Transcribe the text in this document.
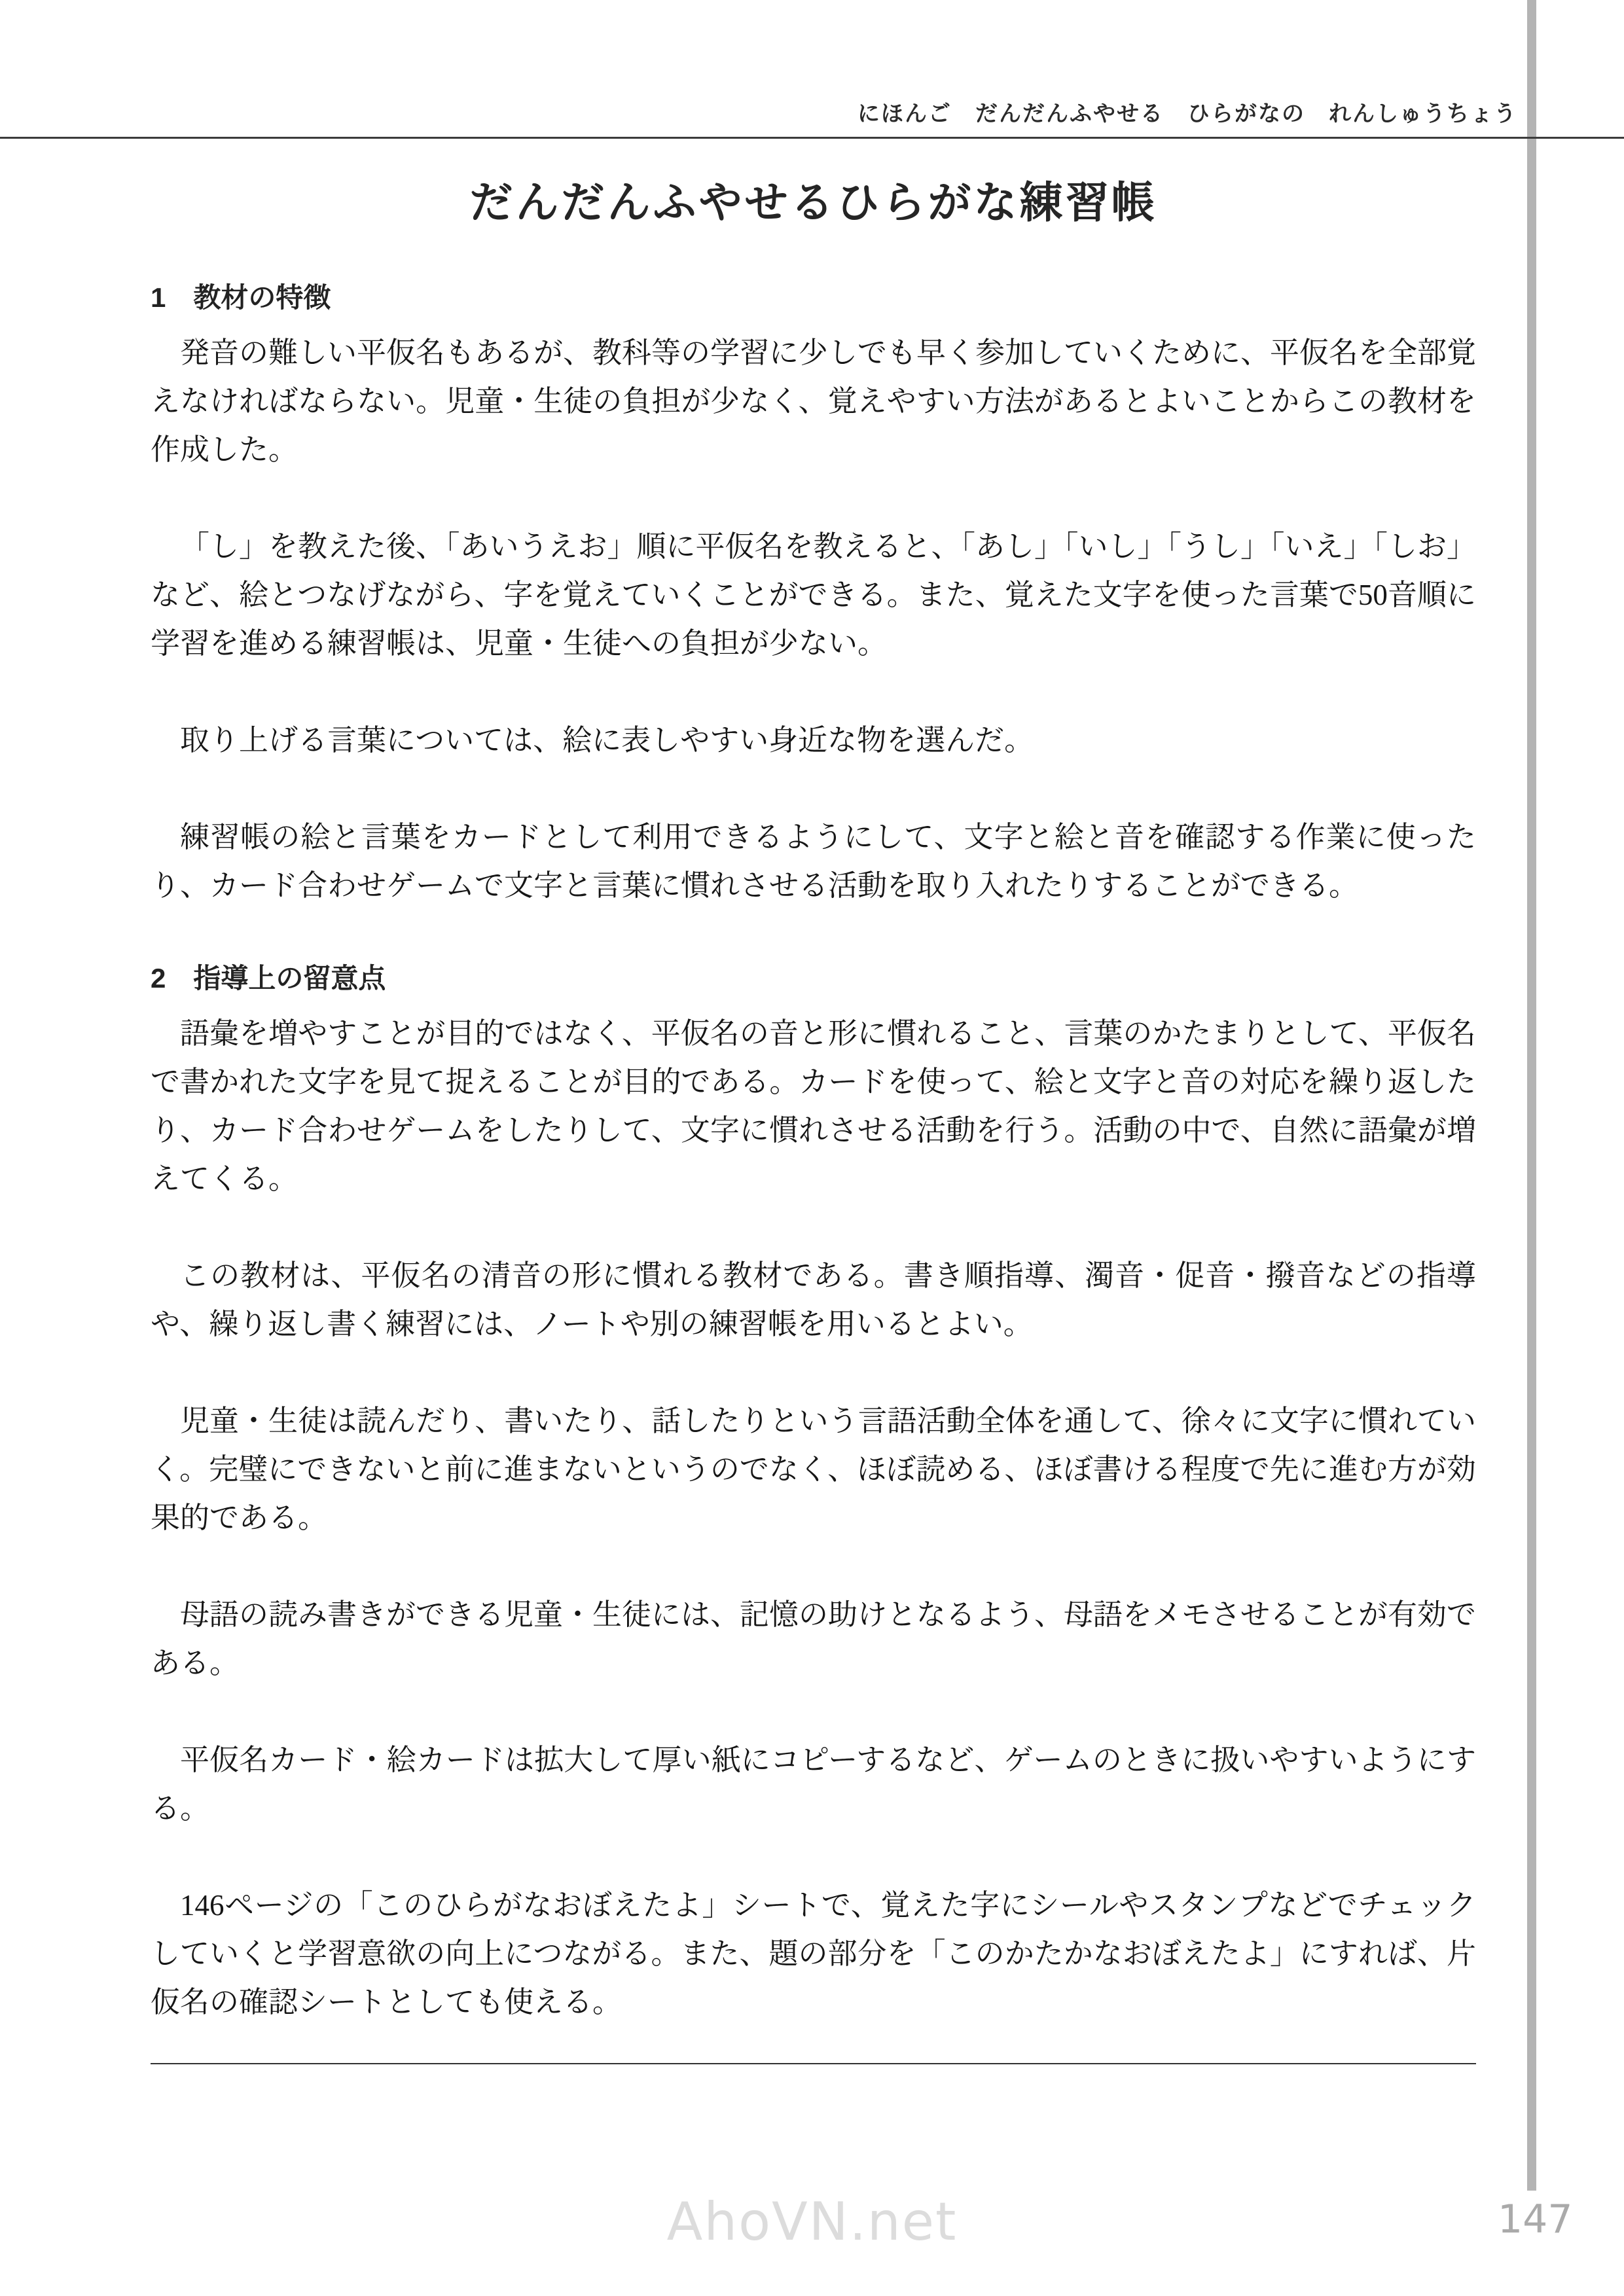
にほんご　だんだんふやせる　ひらがなの　れんしゅうちょう
だんだんふやせるひらがな練習帳
1 教材の特徴

発音の難しい平仮名もあるが、教科等の学習に少しでも早く参加していくために、平仮名を全部覚えなければならない。児童・生徒の負担が少なく、覚えやすい方法があるとよいことからこの教材を作成した。

「し」を教えた後、「あいうえお」順に平仮名を教えると、「あし」「いし」「うし」「いえ」「しお」など、絵とつなげながら、字を覚えていくことができる。また、覚えた文字を使った言葉で50音順に学習を進める練習帳は、児童・生徒への負担が少ない。

取り上げる言葉については、絵に表しやすい身近な物を選んだ。

練習帳の絵と言葉をカードとして利用できるようにして、文字と絵と音を確認する作業に使ったり、カード合わせゲームで文字と言葉に慣れさせる活動を取り入れたりすることができる。

2 指導上の留意点

語彙を増やすことが目的ではなく、平仮名の音と形に慣れること、言葉のかたまりとして、平仮名で書かれた文字を見て捉えることが目的である。カードを使って、絵と文字と音の対応を繰り返したり、カード合わせゲームをしたりして、文字に慣れさせる活動を行う。活動の中で、自然に語彙が増えてくる。

この教材は、平仮名の清音の形に慣れる教材である。書き順指導、濁音・促音・撥音などの指導や、繰り返し書く練習には、ノートや別の練習帳を用いるとよい。

児童・生徒は読んだり、書いたり、話したりという言語活動全体を通して、徐々に文字に慣れていく。完璧にできないと前に進まないというのでなく、ほぼ読める、ほぼ書ける程度で先に進む方が効果的である。

母語の読み書きができる児童・生徒には、記憶の助けとなるよう、母語をメモさせることが有効である。

平仮名カード・絵カードは拡大して厚い紙にコピーするなど、ゲームのときに扱いやすいようにする。

146ページの「このひらがなおぼえたよ」シートで、覚えた字にシールやスタンプなどでチェックしていくと学習意欲の向上につながる。また、題の部分を「このかたかなおぼえたよ」にすれば、片仮名の確認シートとしても使える。

AhoVN.net	147
